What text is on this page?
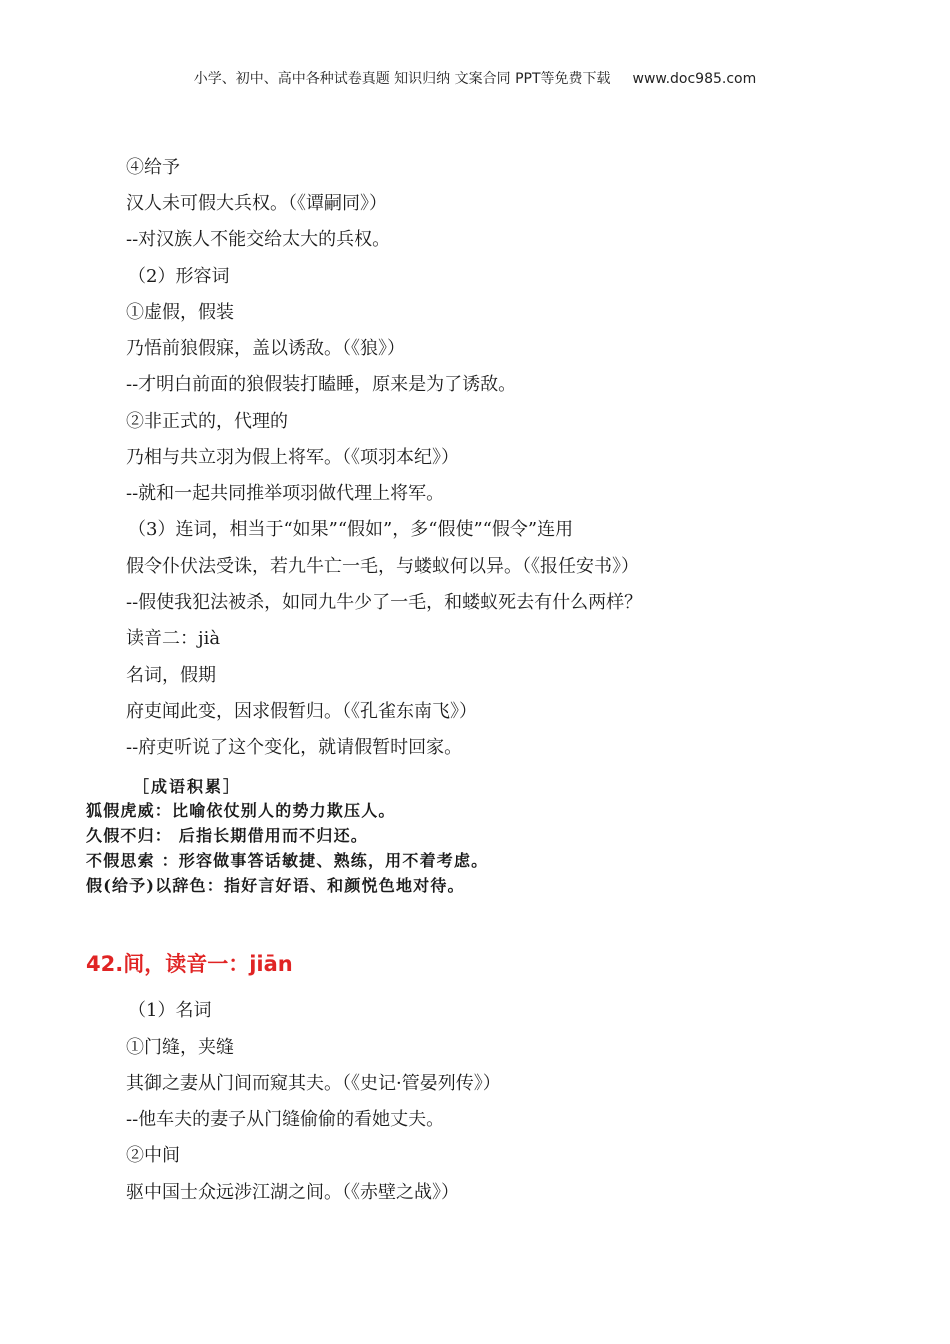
小学、初中、高中各种试卷真题 知识归纳 文案合同 PPT等免费下载 www.doc985.com
④给予
汉人未可假大兵权。（《谭嗣同》）
--对汉族人不能交给太大的兵权。
（2）形容词
①虚假，假装
乃悟前狼假寐，盖以诱敌。（《狼》）
--才明白前面的狼假装打瞌睡，原来是为了诱敌。
②非正式的，代理的
乃相与共立羽为假上将军。（《项羽本纪》）
--就和一起共同推举项羽做代理上将军。
（3）连词，相当于“如果”“假如”，多“假使”“假令”连用
假令仆伏法受诛，若九牛亡一毛，与蝼蚁何以异。（《报任安书》）
--假使我犯法被杀，如同九牛少了一毛，和蝼蚁死去有什么两样？
读音二：jià
名词，假期
府吏闻此变，因求假暂归。（《孔雀东南飞》）
--府吏听说了这个变化，就请假暂时回家。
［成语积累］
狐假虎威：比喻依仗别人的势力欺压人。
久假不归： 后指长期借用而不归还。
不假思索 ：形容做事答话敏捷、熟练，用不着考虑。
假(给予)以辞色：指好言好语、和颜悦色地对待。
42.间，读音一：jiān
（1）名词
①门缝，夹缝
其御之妻从门间而窥其夫。（《史记·管晏列传》）
--他车夫的妻子从门缝偷偷的看她丈夫。
②中间
驱中国士众远涉江湖之间。（《赤壁之战》）
